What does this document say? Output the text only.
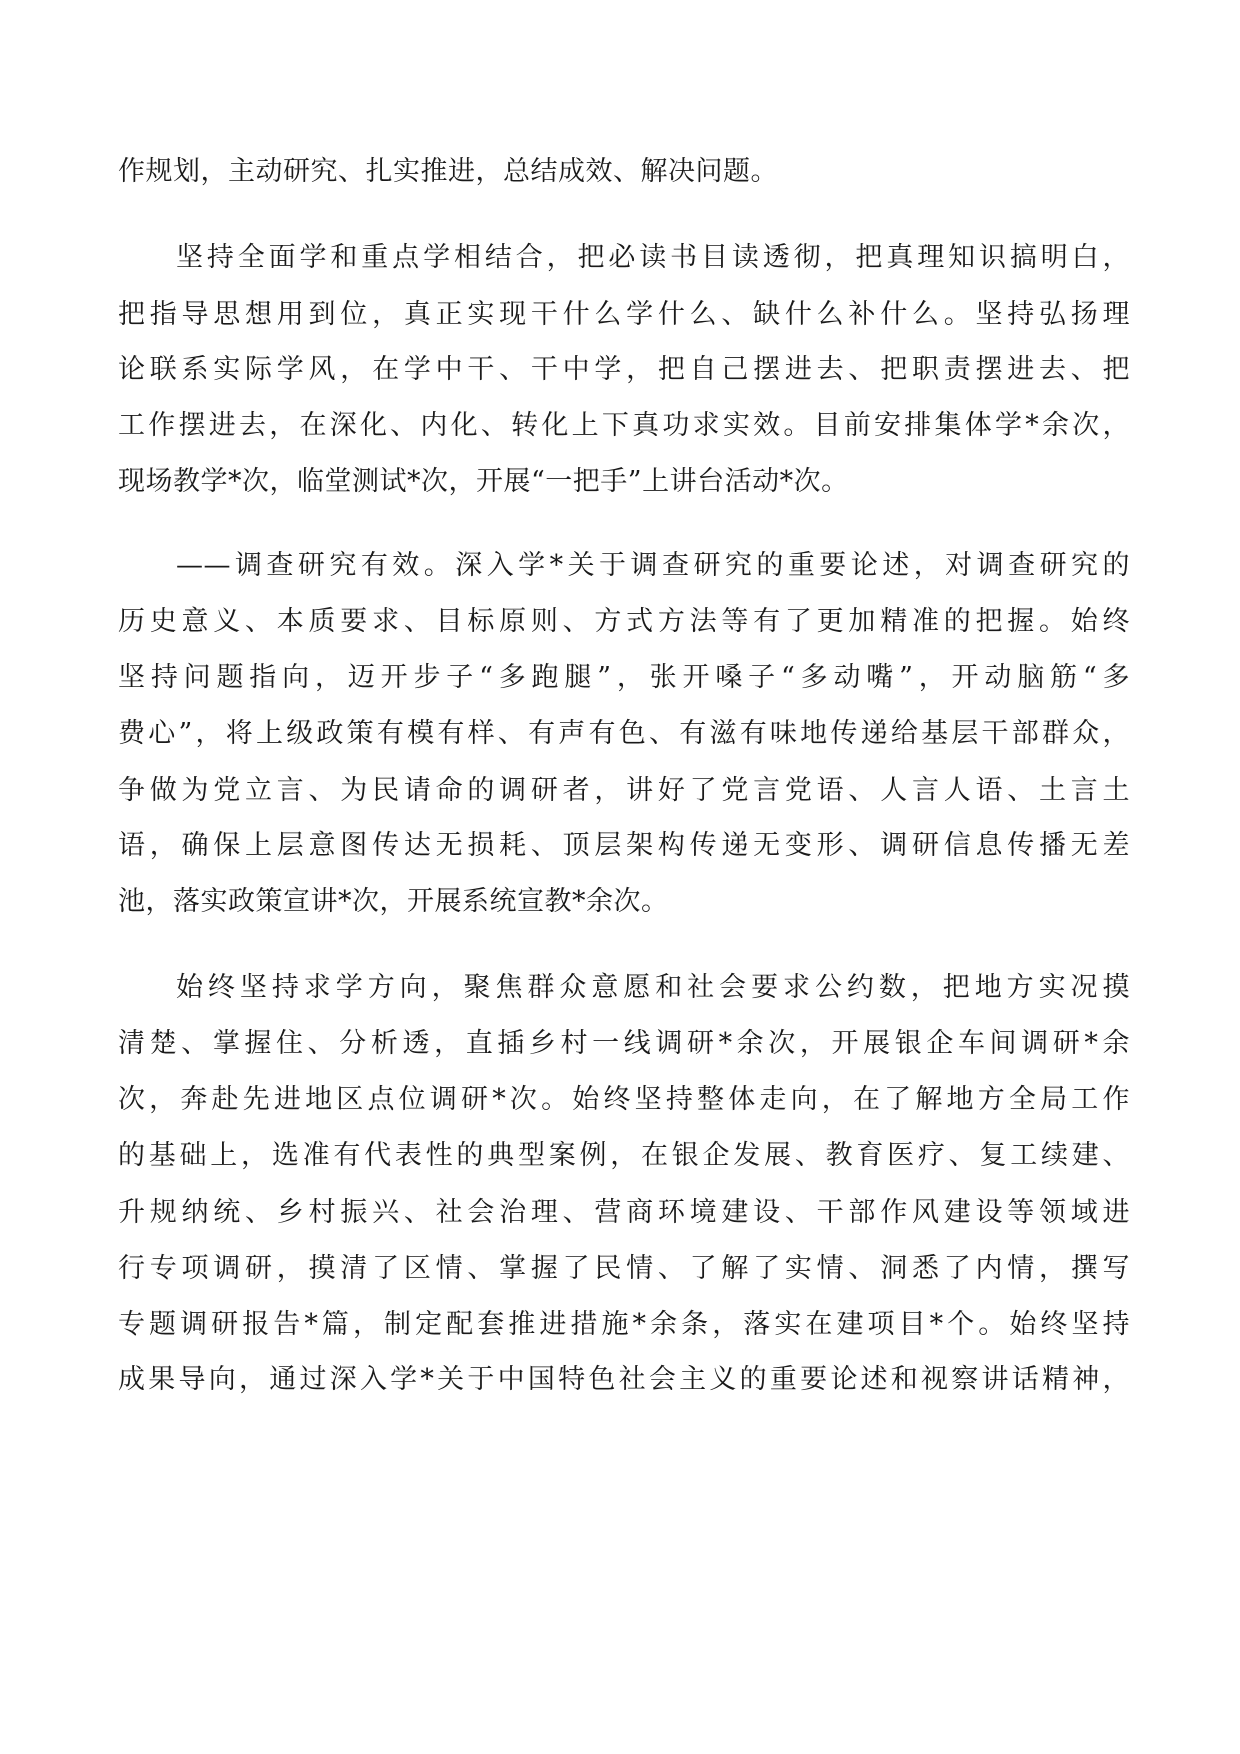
作规划，主动研究、扎实推进，总结成效、解决问题。
坚持全面学和重点学相结合，把必读书目读透彻，把真理知识搞明白，
把指导思想用到位，真正实现干什么学什么、缺什么补什么。坚持弘扬理
论联系实际学风，在学中干、干中学，把自己摆进去、把职责摆进去、把
工作摆进去，在深化、内化、转化上下真功求实效。目前安排集体学*余次，
现场教学*次，临堂测试*次，开展“一把手”上讲台活动*次。
——调查研究有效。深入学*关于调查研究的重要论述，对调查研究的
历史意义、本质要求、目标原则、方式方法等有了更加精准的把握。始终
坚持问题指向，迈开步子“多跑腿”，张开嗓子“多动嘴”，开动脑筋“多
费心”，将上级政策有模有样、有声有色、有滋有味地传递给基层干部群众，
争做为党立言、为民请命的调研者，讲好了党言党语、人言人语、土言土
语，确保上层意图传达无损耗、顶层架构传递无变形、调研信息传播无差
池，落实政策宣讲*次，开展系统宣教*余次。
始终坚持求学方向，聚焦群众意愿和社会要求公约数，把地方实况摸
清楚、掌握住、分析透，直插乡村一线调研*余次，开展银企车间调研*余
次，奔赴先进地区点位调研*次。始终坚持整体走向，在了解地方全局工作
的基础上，选准有代表性的典型案例，在银企发展、教育医疗、复工续建、
升规纳统、乡村振兴、社会治理、营商环境建设、干部作风建设等领域进
行专项调研，摸清了区情、掌握了民情、了解了实情、洞悉了内情，撰写
专题调研报告*篇，制定配套推进措施*余条，落实在建项目*个。始终坚持
成果导向，通过深入学*关于中国特色社会主义的重要论述和视察讲话精神，
